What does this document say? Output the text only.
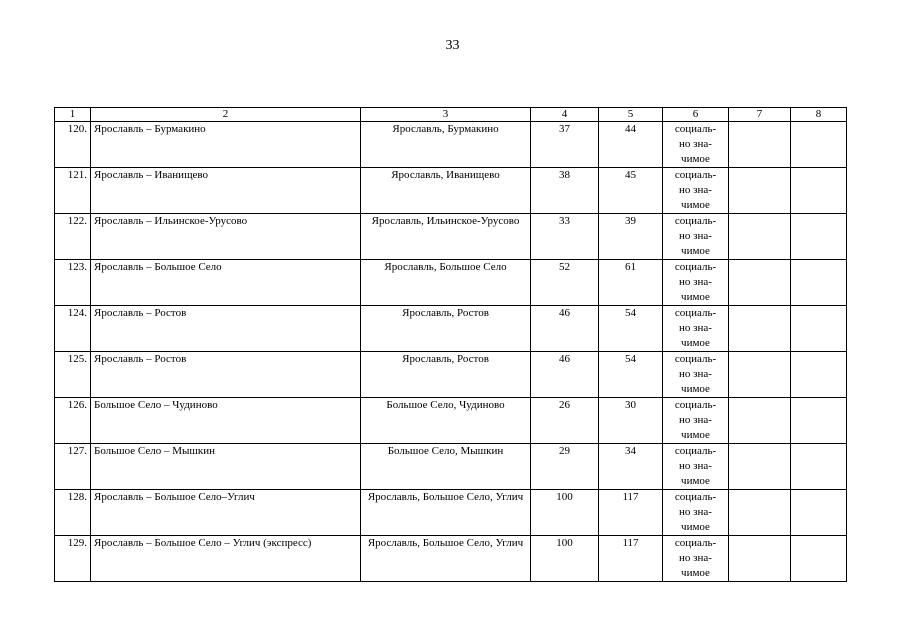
33
1	2	3	4	5	6	7	8
120.	Ярославль – Бурмакино	Ярославль, Бурмакино	37	44	социаль-
но зна-
чимое		

121.	Ярославль – Иванищево	Ярославль, Иванищево	38	45	социаль-
но зна-
чимое		

122.	Ярославль – Ильинское-Урусово	Ярославль, Ильинское-Урусово	33	39	социаль-
но зна-
чимое		

123.	Ярославль – Большое Село	Ярославль, Большое Село	52	61	социаль-
но зна-
чимое		

124.	Ярославль – Ростов	Ярославль, Ростов	46	54	социаль-
но зна-
чимое		

125.	Ярославль – Ростов	Ярославль, Ростов	46	54	социаль-
но зна-
чимое		

126.	Большое Село – Чудиново	Большое Село, Чудиново	26	30	социаль-
но зна-
чимое		

127.	Большое Село – Мышкин	Большое Село, Мышкин	29	34	социаль-
но зна-
чимое		

128.	Ярославль – Большое Село–Углич	Ярославль, Большое Село, Углич	100	117	социаль-
но зна-
чимое		

129.	Ярославль – Большое Село – Углич (экспресс)	Ярославль, Большое Село, Углич	100	117	социаль-
но зна-
чимое		
